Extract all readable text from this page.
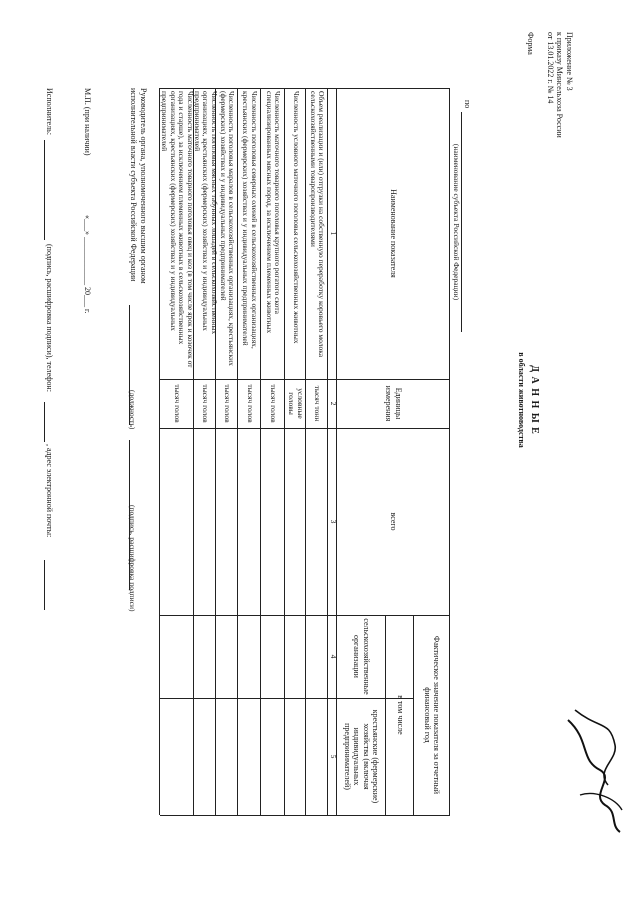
Приложение № 3
к приказу Минсельхоза России
от 13.01.2022 г. № 14
Форма
Д А Н Н Ы Е
в области животноводства
по
(наименование субъекта Российской Федерации)
Наименование показателя
Единицы измерения
всего
Фактическое значение показателя за отчетный финансовый год
в том числе
сельскохозяйственные организации
крестьянские (фермерские) хозяйства (включая индивидуальных предпринимателей)
1
2
3
4
5
Объем реализации и (или) отгрузки на собственную переработку коровьего молока сельскохозяйственными товаропроизводителями
тысяч тонн
Численность условного маточного поголовья сельскохозяйственных животных
условные головы
Численность маточного товарного поголовья крупного рогатого скота специализированных мясных пород, за исключением племенных животных
тысяч голов
Численность поголовья северных оленей в сельскохозяйственных организациях, крестьянских (фермерских) хозяйствах и у индивидуальных предпринимателей
тысяч голов
Численность поголовья маралов в сельскохозяйственных организациях, крестьянских (фермерских) хозяйствах и у индивидуальных предпринимателей
тысяч голов
Численность поголовья мясных табунных лошадей в сельскохозяйственных организациях, крестьянских (фермерских) хозяйствах и у индивидуальных предпринимателей
тысяч голов
Численность маточного товарного поголовья овец и коз (в том числе ярок и козочек от года и старше), за исключением племенных животных в сельскохозяйственных организациях, крестьянских (фермерских) хозяйствах и у индивидуальных предпринимателей
тысяч голов
Руководитель органа, уполномоченного высшим органом
исполнительной власти субъекта Российской Федерации
(должность)
(подпись, расшифровка подписи)
М.П. (при наличии)
«___» ____________ 20___ г.
Исполнитель:
(подпись, расшифровка подписи), телефон:
, адрес электронной почты:
